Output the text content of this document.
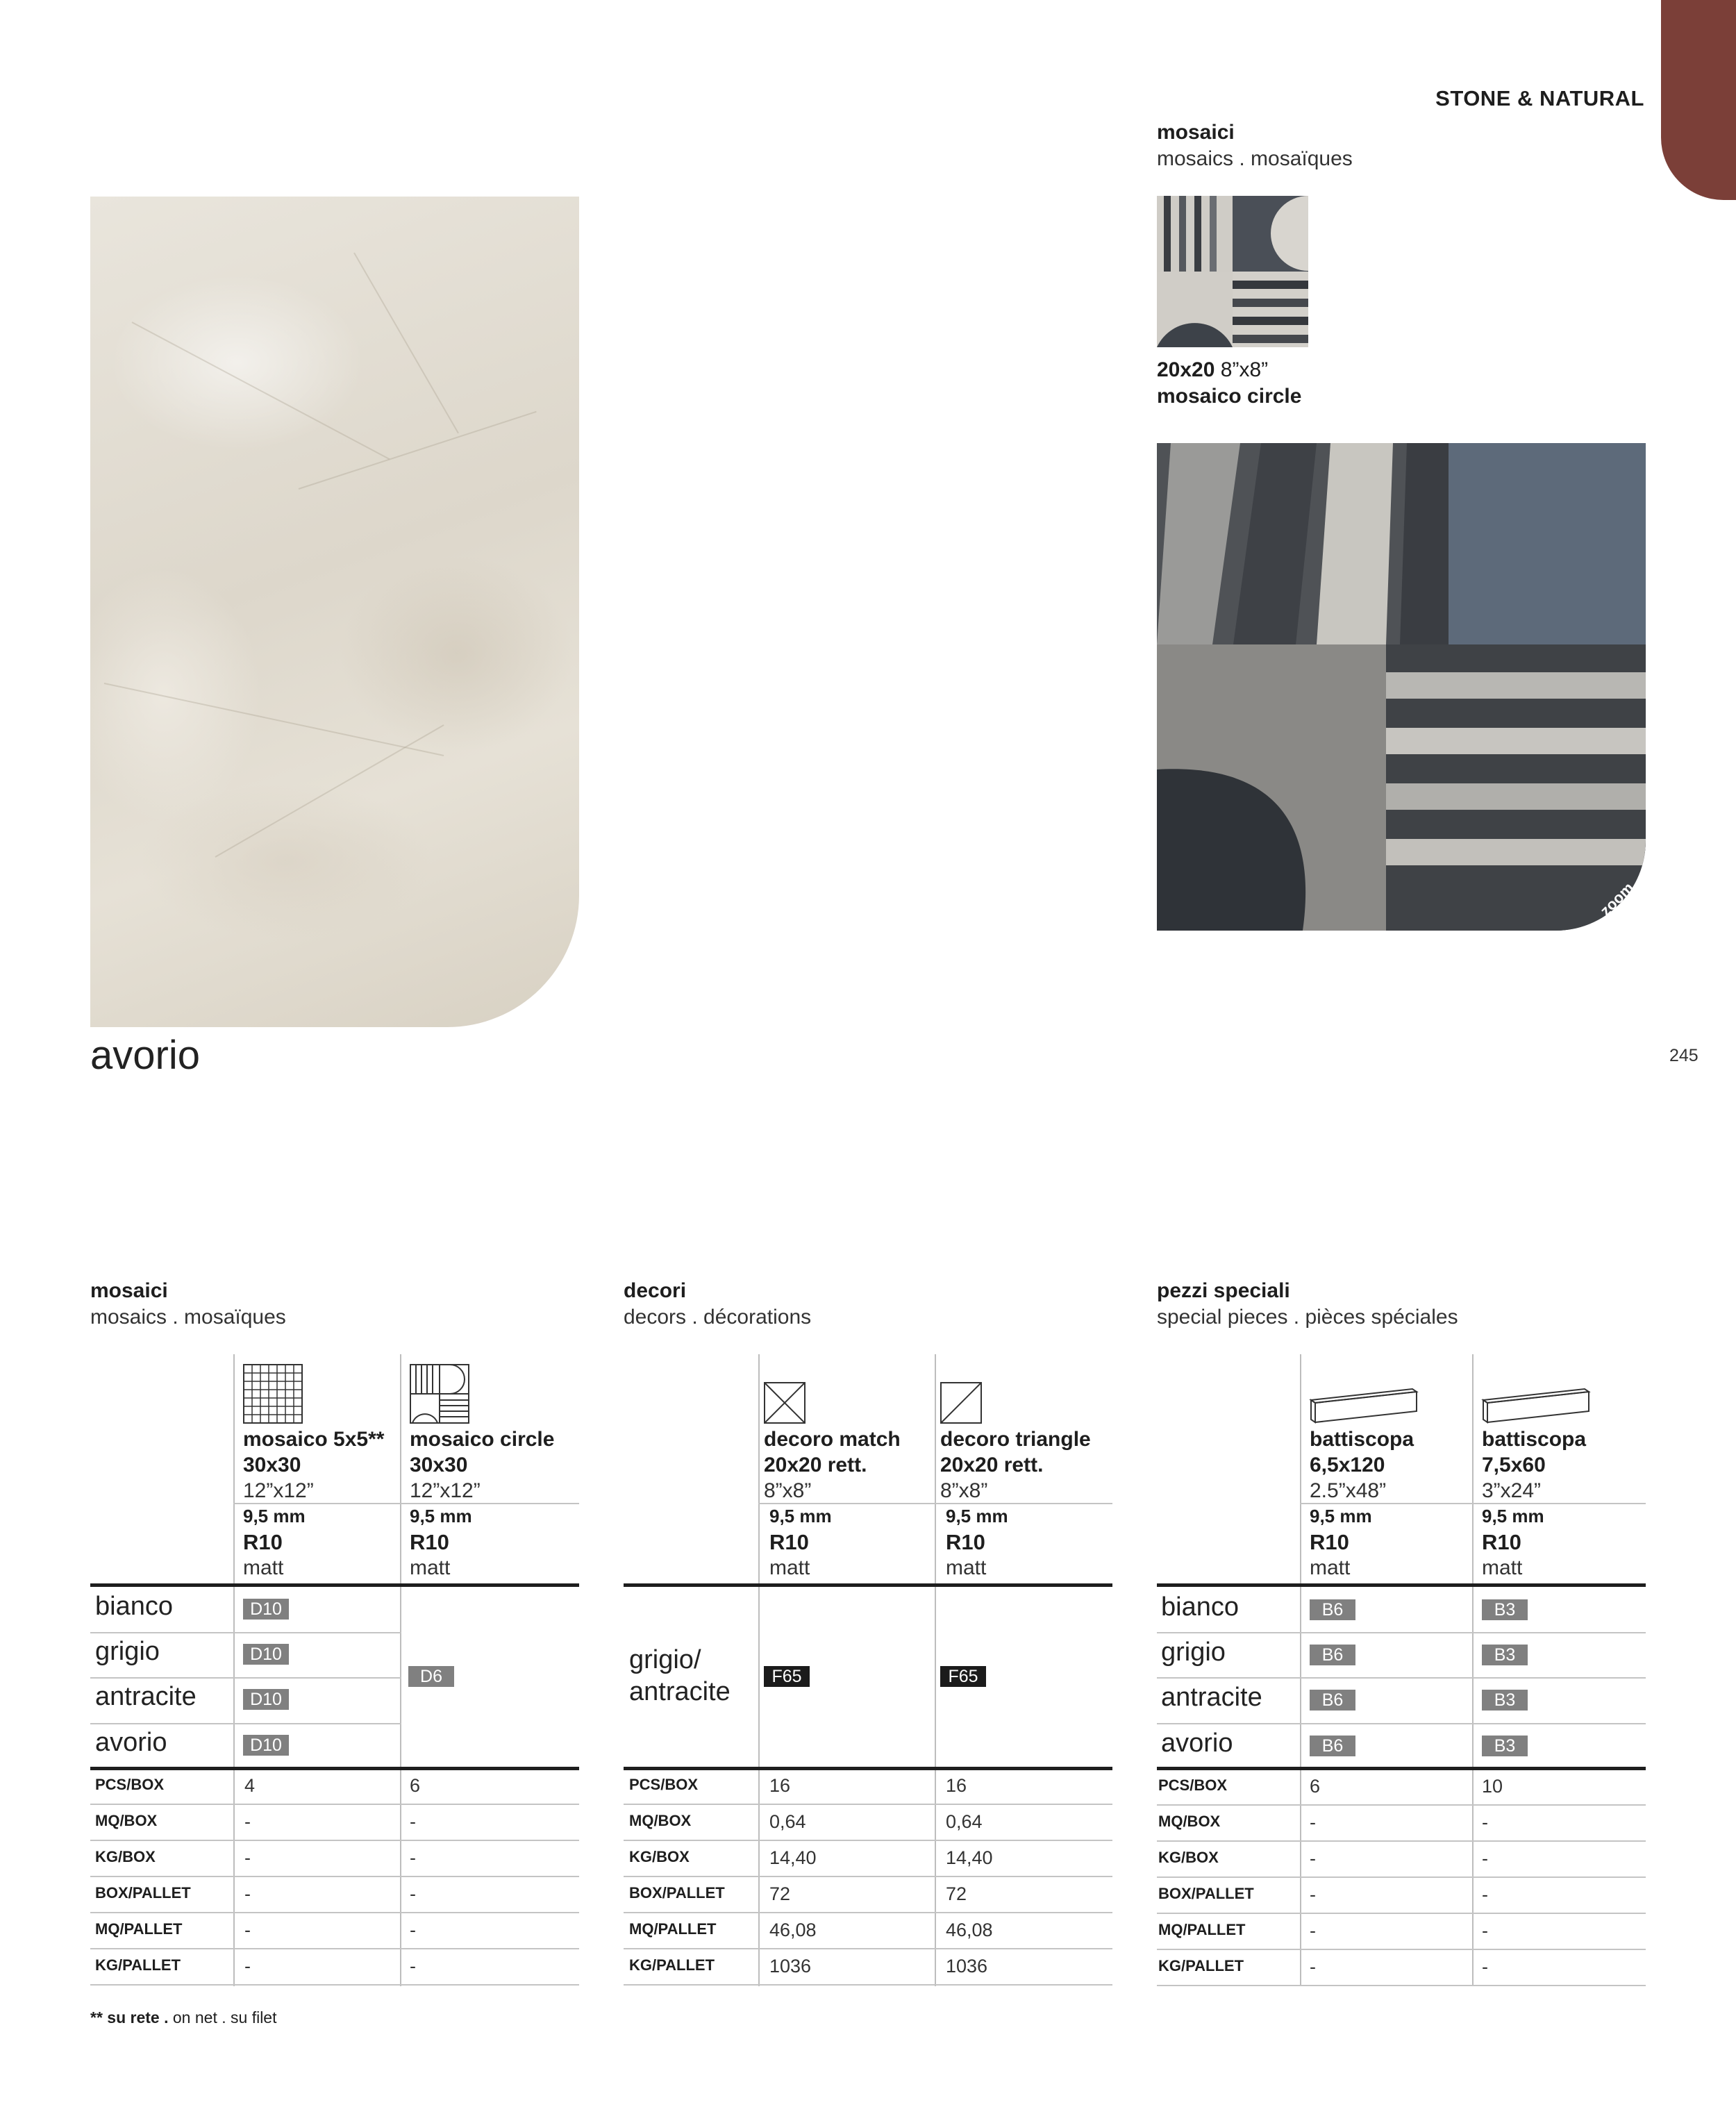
STONE & NATURAL
avorio	245
mosaici
mosaics . mosaïques
20x20 8”x8”
mosaico circle
zoom
mosaici
mosaics . mosaïques
mosaico 5x5**
30x30
12”x12”
mosaico circle
30x30
12”x12”
9,5 mm
R10
matt
9,5 mm
R10
matt
bianco	D10
grigio	D10
antracite	D10
avorio	D10
D6
PCS/BOX	4	6
MQ/BOX	-	-
KG/BOX	-	-
BOX/PALLET	-	-
MQ/PALLET	-	-
KG/PALLET	-	-
decori
decors . décorations
decoro match
20x20 rett.
8”x8”
decoro triangle
20x20 rett.
8”x8”
9,5 mm
R10
matt
9,5 mm
R10
matt
grigio/
antracite
F65	F65
PCS/BOX	16	16
MQ/BOX	0,64	0,64
KG/BOX	14,40	14,40
BOX/PALLET 72	72
MQ/PALLET	46,08	46,08
KG/PALLET	1036	1036
pezzi speciali
special pieces . pièces spéciales
battiscopa
6,5x120
2.5”x48”
battiscopa
7,5x60
3”x24”
9,5 mm
R10
matt
9,5 mm
R10
matt
bianco	B6	B3
grigio	B6	B3
antracite	B6	B3
avorio	B6	B3
PCS/BOX	6	10
MQ/BOX	-	-
KG/BOX	-	-
BOX/PALLET	-	-
MQ/PALLET	-	-
KG/PALLET	-	-
** su rete . on net . su filet
